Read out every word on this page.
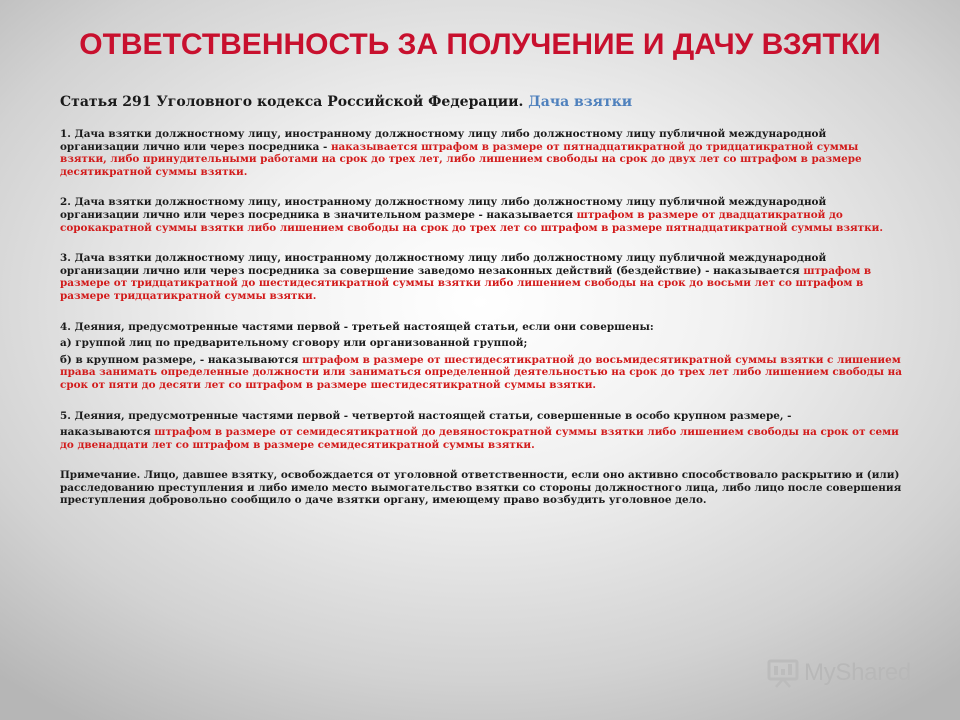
ОТВЕТСТВЕННОСТЬ ЗА ПОЛУЧЕНИЕ И ДАЧУ ВЗЯТКИ

Статья 291 Уголовного кодекса Российской Федерации. Дача взятки

1. Дача взятки должностному лицу, иностранному должностному лицу либо должностному лицу публичной международной организации лично или через посредника - наказывается штрафом в размере от пятнадцатикратной до тридцатикратной суммы взятки, либо принудительными работами на срок до трех лет, либо лишением свободы на срок до двух лет со штрафом в размере десятикратной суммы взятки.

2. Дача взятки должностному лицу, иностранному должностному лицу либо должностному лицу публичной международной организации лично или через посредника в значительном размере - наказывается штрафом в размере от двадцатикратной до сорокакратной суммы взятки либо лишением свободы на срок до трех лет со штрафом в размере пятнадцатикратной суммы взятки.

3. Дача взятки должностному лицу, иностранному должностному лицу либо должностному лицу публичной международной организации лично или через посредника за совершение заведомо незаконных действий (бездействие) - наказывается штрафом в размере от тридцатикратной до шестидесятикратной суммы взятки либо лишением свободы на срок до восьми лет со штрафом в размере тридцатикратной суммы взятки.

4. Деяния, предусмотренные частями первой - третьей настоящей статьи, если они совершены:

а) группой лиц по предварительному сговору или организованной группой;

б) в крупном размере, - наказываются штрафом в размере от шестидесятикратной до восьмидесятикратной суммы взятки с лишением права занимать определенные должности или заниматься определенной деятельностью на срок до трех лет либо лишением свободы на срок от пяти до десяти лет со штрафом в размере шестидесятикратной суммы взятки.

5. Деяния, предусмотренные частями первой - четвертой настоящей статьи, совершенные в особо крупном размере, -

наказываются штрафом в размере от семидесятикратной до девяностократной суммы взятки либо лишением свободы на срок от семи до двенадцати лет со штрафом в размере семидесятикратной суммы взятки.

Примечание. Лицо, давшее взятку, освобождается от уголовной ответственности, если оно активно способствовало раскрытию и (или) расследованию преступления и либо имело место вымогательство взятки со стороны должностного лица, либо лицо после совершения преступления добровольно сообщило о даче взятки органу, имеющему право возбудить уголовное дело.

MyShared
